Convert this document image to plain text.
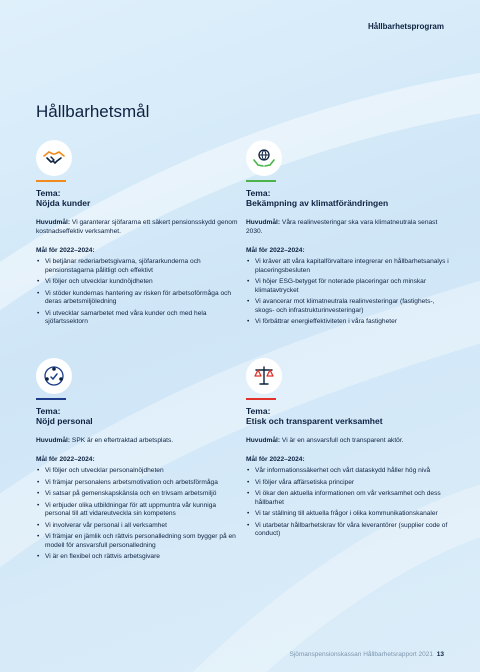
Hållbarhetsprogram
Hållbarhetsmål
Tema:
Nöjda kunder
Huvudmål: Vi garanterar sjöfararna ett säkert pensionsskydd genom kostnadseffektiv verksamhet.
Mål för 2022–2024:
• Vi betjänar rederiarbetsgivarna, sjöfararkunderna och pensionstagarna pålitligt och effektivt
• Vi följer och utvecklar kundnöjdheten
• Vi stöder kundernas hantering av risken för arbetsoförmåga och deras arbetsmiljöledning
• Vi utvecklar samarbetet med våra kunder och med hela sjöfartssektorn
Tema:
Bekämpning av klimatförändringen
Huvudmål: Våra realinvesteringar ska vara klimatneutrala senast 2030.
Mål för 2022–2024:
• Vi kräver att våra kapitalförvaltare integrerar en hållbarhetsanalys i placeringsbesluten
• Vi höjer ESG-betyget för noterade placeringar och minskar klimatavtrycket
• Vi avancerar mot klimatneutrala realinvesteringar (fastighets-, skogs- och infrastrukturinvesteringar)
• Vi förbättrar energieffektiviteten i våra fastigheter
Tema:
Nöjd personal
Huvudmål: SPK är en eftertraktad arbetsplats.
Mål för 2022–2024:
• Vi följer och utvecklar personalnöjdheten
• Vi främjar personalens arbetsmotivation och arbetsförmåga
• Vi satsar på gemenskapskänsla och en trivsam arbetsmiljö
• Vi erbjuder olika utbildningar för att uppmuntra vår kunniga personal till att vidareutveckla sin kompetens
• Vi involverar vår personal i all verksamhet
• Vi främjar en jämlik och rättvis personalledning som bygger på en modell för ansvarsfull personalledning
• Vi är en flexibel och rättvis arbetsgivare
Tema:
Etisk och transparent verksamhet
Huvudmål: Vi är en ansvarsfull och transparent aktör.
Mål för 2022–2024:
• Vår informationssäkerhet och vårt dataskydd håller hög nivå
• Vi följer våra affärsetiska principer
• Vi ökar den aktuella informationen om vår verksamhet och dess hållbarhet
• Vi tar ställning till aktuella frågor i olika kommunikationskanaler
• Vi utarbetar hållbarhetskrav för våra leverantörer (supplier code of conduct)
Sjömanspensionskassan Hållbarhetsrapport 2021 13
